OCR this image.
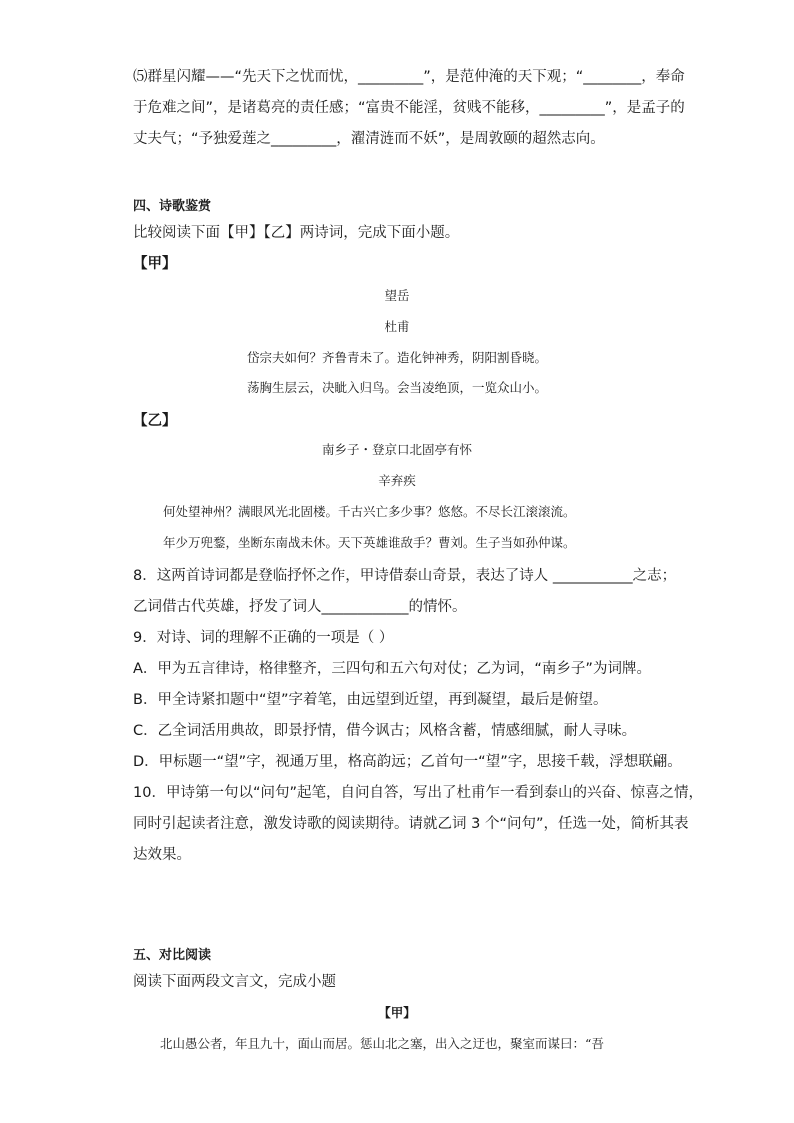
⑸群星闪耀——“先天下之忧而忧，_________”，是范仲淹的天下观；“________，奉命
于危难之间”，是诸葛亮的责任感；“富贵不能淫，贫贱不能移，_________”，是孟子的
丈夫气；“予独爱莲之_________，濯清涟而不妖”，是周敦颐的超然志向。
四、诗歌鉴赏
比较阅读下面【甲】【乙】两诗词，完成下面小题。
【甲】
望岳
杜甫
岱宗夫如何？齐鲁青未了。造化钟神秀，阴阳割昏晓。
荡胸生层云，决眦入归鸟。会当凌绝顶，一览众山小。
【乙】
南乡子・登京口北固亭有怀
辛弃疾
何处望神州？满眼风光北固楼。千古兴亡多少事？悠悠。不尽长江滚滚流。
年少万兜鍪，坐断东南战未休。天下英雄谁敌手？曹刘。生子当如孙仲谋。
8．这两首诗词都是登临抒怀之作，甲诗借泰山奇景，表达了诗人 ___________之志；
乙词借古代英雄，抒发了词人____________的情怀。
9．对诗、词的理解不正确的一项是（ ）
A．甲为五言律诗，格律整齐，三四句和五六句对仗；乙为词，“南乡子”为词牌。
B．甲全诗紧扣题中“望”字着笔，由远望到近望，再到凝望，最后是俯望。
C．乙全词活用典故，即景抒情，借今讽古；风格含蓄，情感细腻，耐人寻味。
D．甲标题一“望”字，视通万里，格高韵远；乙首句一“望”字，思接千载，浮想联翩。
10．甲诗第一句以“问句”起笔，自问自答，写出了杜甫乍一看到泰山的兴奋、惊喜之情，
同时引起读者注意，激发诗歌的阅读期待。请就乙词 3 个“问句”，任选一处，简析其表
达效果。
五、对比阅读
阅读下面两段文言文，完成小题
【甲】
北山愚公者，年且九十，面山而居。惩山北之塞，出入之迂也，聚室而谋曰：“吾
